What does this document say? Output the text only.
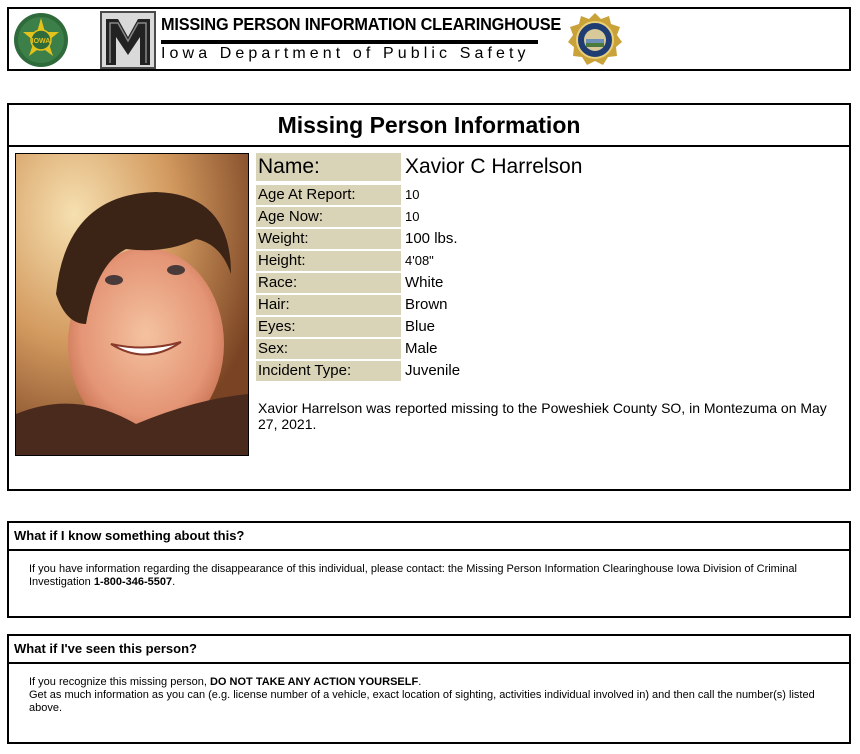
IOWA
MISSING PERSON INFORMATION CLEARINGHOUSE
Iowa Department of Public Safety
Missing Person Information
Name:	Xavior C Harrelson
Age At Report:	10
Age Now:	10
Weight:	100 lbs.
Height:	4'08"
Race:	White
Hair:	Brown
Eyes:	Blue
Sex:	Male
Incident Type:	Juvenile
Xavior Harrelson was reported missing to the Poweshiek County SO, in Montezuma on May 27, 2021.
What if I know something about this?
If you have information regarding the disappearance of this individual, please contact: the Missing Person Information Clearinghouse Iowa Division of Criminal Investigation 1-800-346-5507.
What if I've seen this person?
If you recognize this missing person, DO NOT TAKE ANY ACTION YOURSELF.
Get as much information as you can (e.g. license number of a vehicle, exact location of sighting, activities individual involved in) and then call the number(s) listed above.
